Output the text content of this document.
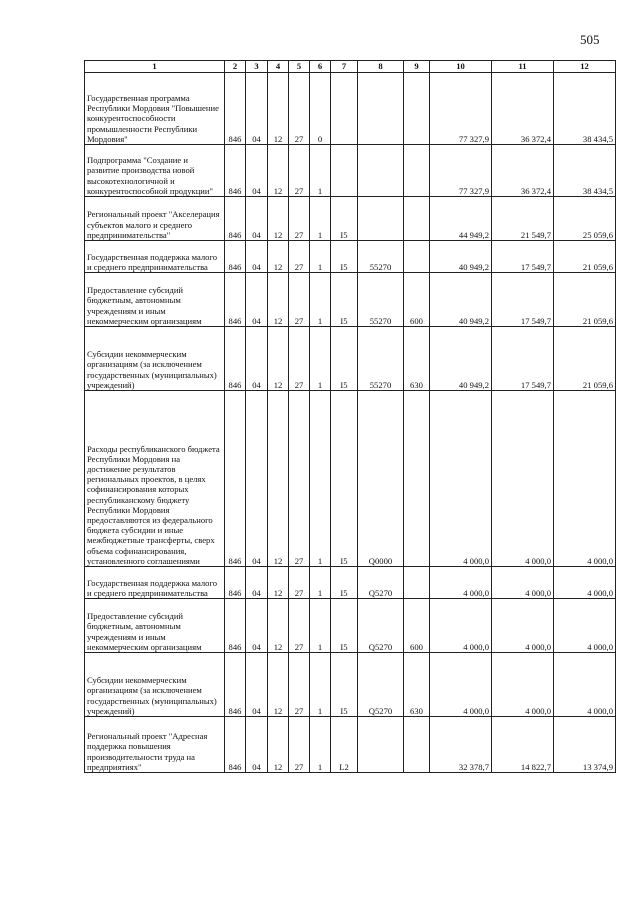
505
1	2	3	4	5	6	7	8	9	10	11	12
Государственная программа Республики Мордовия "Повышение конкурентоспособности промышленности Республики Мордовия"	846	04	12	27	0				77 327,9	36 372,4	38 434,5
Подпрограмма "Создание и развитие производства новой высокотехнологичной и конкурентоспособной продукции"	846	04	12	27	1				77 327,9	36 372,4	38 434,5
Региональный проект "Акселерация субъектов малого и среднего предпринимательства"	846	04	12	27	1	I5			44 949,2	21 549,7	25 059,6
Государственная поддержка малого и среднего предпринимательства	846	04	12	27	1	I5	55270		40 949,2	17 549,7	21 059,6
Предоставление субсидий бюджетным, автономным учреждениям и иным некоммерческим организациям	846	04	12	27	1	I5	55270	600	40 949,2	17 549,7	21 059,6
Субсидии некоммерческим организациям (за исключением государственных (муниципальных) учреждений)	846	04	12	27	1	I5	55270	630	40 949,2	17 549,7	21 059,6
Расходы республиканского бюджета Республики Мордовия на достижение результатов региональных проектов, в целях софинансирования которых республиканскому бюджету Республики Мордовия предоставляются из федерального бюджета субсидии и иные межбюджетные трансферты, сверх объема софинансирования, установленного соглашениями	846	04	12	27	1	I5	Q0000		4 000,0	4 000,0	4 000,0
Государственная поддержка малого и среднего предпринимательства	846	04	12	27	1	I5	Q5270		4 000,0	4 000,0	4 000,0
Предоставление субсидий бюджетным, автономным учреждениям и иным некоммерческим организациям	846	04	12	27	1	I5	Q5270	600	4 000,0	4 000,0	4 000,0
Субсидии некоммерческим организациям (за исключением государственных (муниципальных) учреждений)	846	04	12	27	1	I5	Q5270	630	4 000,0	4 000,0	4 000,0
Региональный проект "Адресная поддержка повышения производительности труда на предприятиях"	846	04	12	27	1	L2			32 378,7	14 822,7	13 374,9
